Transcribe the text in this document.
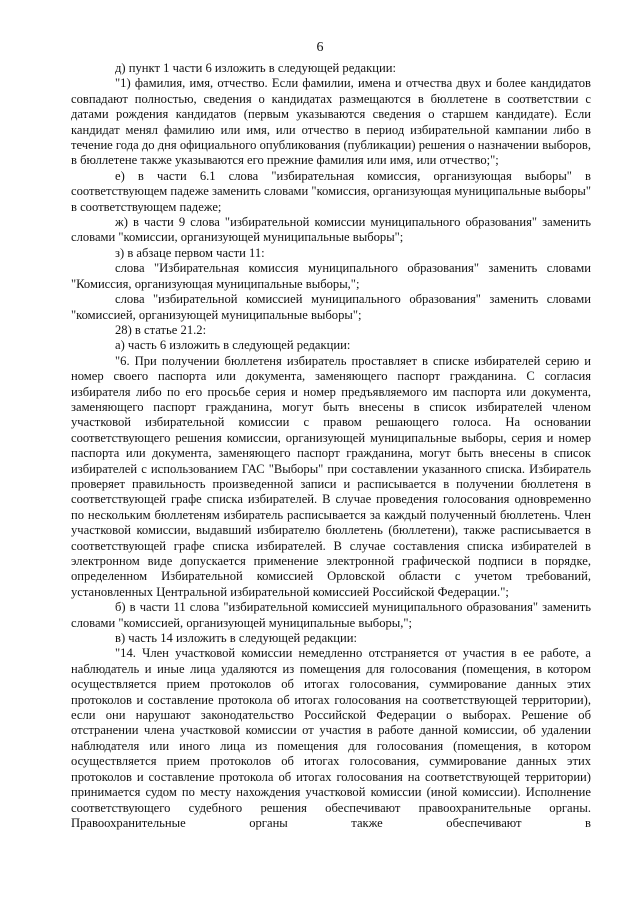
6

д) пункт 1 части 6 изложить в следующей редакции:

"1) фамилия, имя, отчество. Если фамилии, имена и отчества двух и более кандидатов совпадают полностью, сведения о кандидатах размещаются в бюллетене в соответствии с датами рождения кандидатов (первым указываются сведения о старшем кандидате). Если кандидат менял фамилию или имя, или отчество в период избирательной кампании либо в течение года до дня официального опубликования (публикации) решения о назначении выборов, в бюллетене также указываются его прежние фамилия или имя, или отчество;";

е) в части 6.1 слова "избирательная комиссия, организующая выборы" в соответствующем падеже заменить словами "комиссия, организующая муниципальные выборы" в соответствующем падеже;

ж) в части 9 слова "избирательной комиссии муниципального образования" заменить словами "комиссии, организующей муниципальные выборы";

з) в абзаце первом части 11:

слова "Избирательная комиссия муниципального образования" заменить словами "Комиссия, организующая муниципальные выборы,";

слова "избирательной комиссией муниципального образования" заменить словами "комиссией, организующей муниципальные выборы";

28) в статье 21.2:

а) часть 6 изложить в следующей редакции:

"6. При получении бюллетеня избиратель проставляет в списке избирателей серию и номер своего паспорта или документа, заменяющего паспорт гражданина. С согласия избирателя либо по его просьбе серия и номер предъявляемого им паспорта или документа, заменяющего паспорт гражданина, могут быть внесены в список избирателей членом участковой избирательной комиссии с правом решающего голоса. На основании соответствующего решения комиссии, организующей муниципальные выборы, серия и номер паспорта или документа, заменяющего паспорт гражданина, могут быть внесены в список избирателей с использованием ГАС "Выборы" при составлении указанного списка. Избиратель проверяет правильность произведенной записи и расписывается в получении бюллетеня в соответствующей графе списка избирателей. В случае проведения голосования одновременно по нескольким бюллетеням избиратель расписывается за каждый полученный бюллетень. Член участковой комиссии, выдавший избирателю бюллетень (бюллетени), также расписывается в соответствующей графе списка избирателей. В случае составления списка избирателей в электронном виде допускается применение электронной графической подписи в порядке, определенном Избирательной комиссией Орловской области с учетом требований, установленных Центральной избирательной комиссией Российской Федерации.";

б) в части 11 слова "избирательной комиссией муниципального образования" заменить словами "комиссией, организующей муниципальные выборы,";

в) часть 14 изложить в следующей редакции:

"14. Член участковой комиссии немедленно отстраняется от участия в ее работе, а наблюдатель и иные лица удаляются из помещения для голосования (помещения, в котором осуществляется прием протоколов об итогах голосования, суммирование данных этих протоколов и составление протокола об итогах голосования на соответствующей территории), если они нарушают законодательство Российской Федерации о выборах. Решение об отстранении члена участковой комиссии от участия в работе данной комиссии, об удалении наблюдателя или иного лица из помещения для голосования (помещения, в котором осуществляется прием протоколов об итогах голосования, суммирование данных этих протоколов и составление протокола об итогах голосования на соответствующей территории) принимается судом по месту нахождения участковой комиссии (иной комиссии). Исполнение соответствующего судебного решения обеспечивают правоохранительные органы. Правоохранительные органы также обеспечивают в
